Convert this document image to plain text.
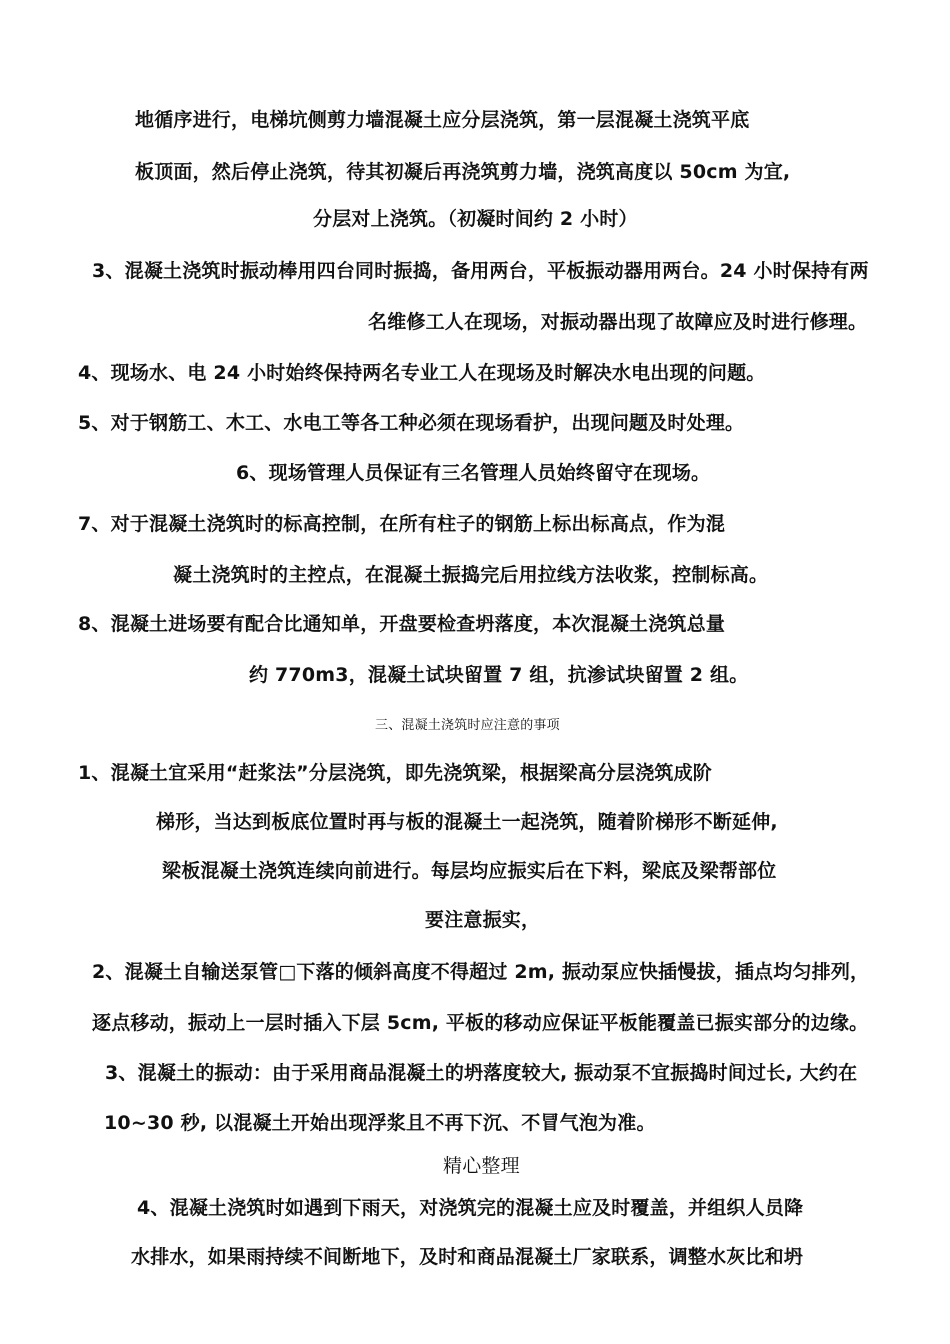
地循序进行，电梯坑侧剪力墙混凝土应分层浇筑，第一层混凝土浇筑平底
板顶面，然后停止浇筑，待其初凝后再浇筑剪力墙，浇筑高度以 50cm 为宜,
分层对上浇筑。（初凝时间约 2 小时）
3、混凝土浇筑时振动棒用四台同时振捣，备用两台，平板振动器用两台。24 小时保持有两
名维修工人在现场，对振动器出现了故障应及时进行修理。
4、现场水、电 24 小时始终保持两名专业工人在现场及时解决水电出现的问题。
5、对于钢筋工、木工、水电工等各工种必须在现场看护，出现问题及时处理。
6、现场管理人员保证有三名管理人员始终留守在现场。
7、对于混凝土浇筑时的标高控制，在所有柱子的钢筋上标出标高点，作为混
凝土浇筑时的主控点，在混凝土振捣完后用拉线方法收浆，控制标高。
8、混凝土进场要有配合比通知单，开盘要检查坍落度，本次混凝土浇筑总量
约 770m3，混凝土试块留置 7 组，抗渗试块留置 2 组。
三、混凝土浇筑时应注意的事项
1、混凝土宜采用“赶浆法”分层浇筑，即先浇筑梁，根据梁高分层浇筑成阶
梯形，当达到板底位置时再与板的混凝土一起浇筑，随着阶梯形不断延伸,
梁板混凝土浇筑连续向前进行。每层均应振实后在下料，梁底及梁帮部位
要注意振实，
2、混凝土自输送泵管□下落的倾斜高度不得超过 2m, 振动泵应快插慢拔，插点均匀排列，
逐点移动，振动上一层时插入下层 5cm, 平板的移动应保证平板能覆盖已振实部分的边缘。
3、混凝土的振动：由于采用商品混凝土的坍落度较大, 振动泵不宜振捣时间过长, 大约在
10~30 秒, 以混凝土开始出现浮浆且不再下沉、不冒气泡为准。
精心整理
4、混凝土浇筑时如遇到下雨天，对浇筑完的混凝土应及时覆盖，并组织人员降
水排水，如果雨持续不间断地下，及时和商品混凝土厂家联系，调整水灰比和坍
